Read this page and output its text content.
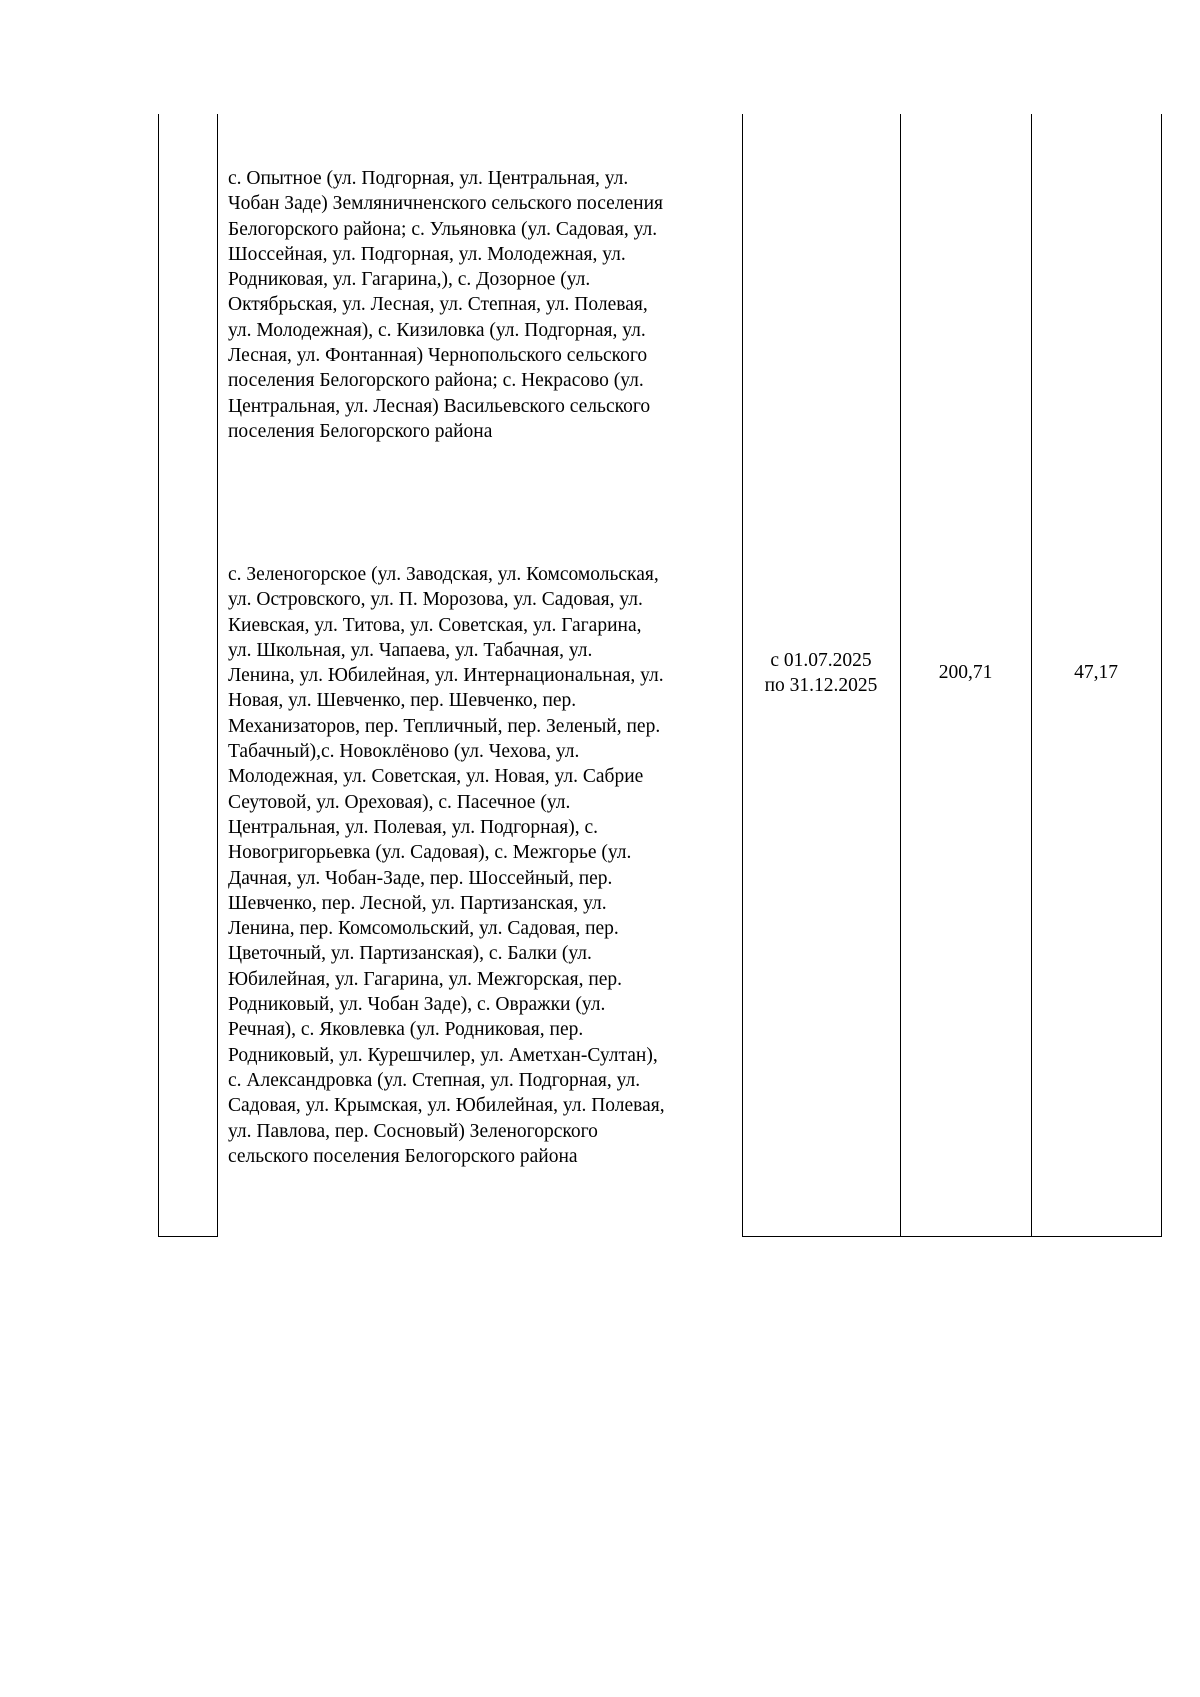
с. Опытное (ул. Подгорная, ул. Центральная, ул.
Чобан Заде) Земляничненского сельского поселения
Белогорского района; с. Ульяновка (ул. Садовая, ул.
Шоссейная, ул. Подгорная, ул. Молодежная, ул.
Родниковая, ул. Гагарина,), с. Дозорное (ул.
Октябрьская, ул. Лесная, ул. Степная, ул. Полевая,
ул. Молодежная), с. Кизиловка (ул. Подгорная, ул.
Лесная, ул. Фонтанная) Чернопольского сельского
поселения Белогорского района; с. Некрасово (ул.
Центральная, ул. Лесная) Васильевского сельского
поселения Белогорского района
с. Зеленогорское (ул. Заводская, ул. Комсомольская,
ул. Островского, ул. П. Морозова, ул. Садовая, ул.
Киевская, ул. Титова, ул. Советская, ул. Гагарина,
ул. Школьная, ул. Чапаева, ул. Табачная, ул.
Ленина, ул. Юбилейная, ул. Интернациональная, ул.
Новая, ул. Шевченко, пер. Шевченко, пер.
Механизаторов, пер. Тепличный, пер. Зеленый, пер.
Табачный),с. Новоклёново (ул. Чехова, ул.
Молодежная, ул. Советская, ул. Новая, ул. Сабрие
Сеутовой, ул. Ореховая), с. Пасечное (ул.
Центральная, ул. Полевая, ул. Подгорная), с.
Новогригорьевка (ул. Садовая), с. Межгорье (ул.
Дачная, ул. Чобан-Заде, пер. Шоссейный, пер.
Шевченко, пер. Лесной, ул. Партизанская, ул.
Ленина, пер. Комсомольский, ул. Садовая, пер.
Цветочный, ул. Партизанская), с. Балки (ул.
Юбилейная, ул. Гагарина, ул. Межгорская, пер.
Родниковый, ул. Чобан Заде), с. Овражки (ул.
Речная), с. Яковлевка (ул. Родниковая, пер.
Родниковый, ул. Курешчилер, ул. Аметхан-Султан),
с. Александровка (ул. Степная, ул. Подгорная, ул.
Садовая, ул. Крымская, ул. Юбилейная, ул. Полевая,
ул. Павлова, пер. Сосновый) Зеленогорского
сельского поселения Белогорского района
с 01.07.2025
по 31.12.2025
200,71	47,17
